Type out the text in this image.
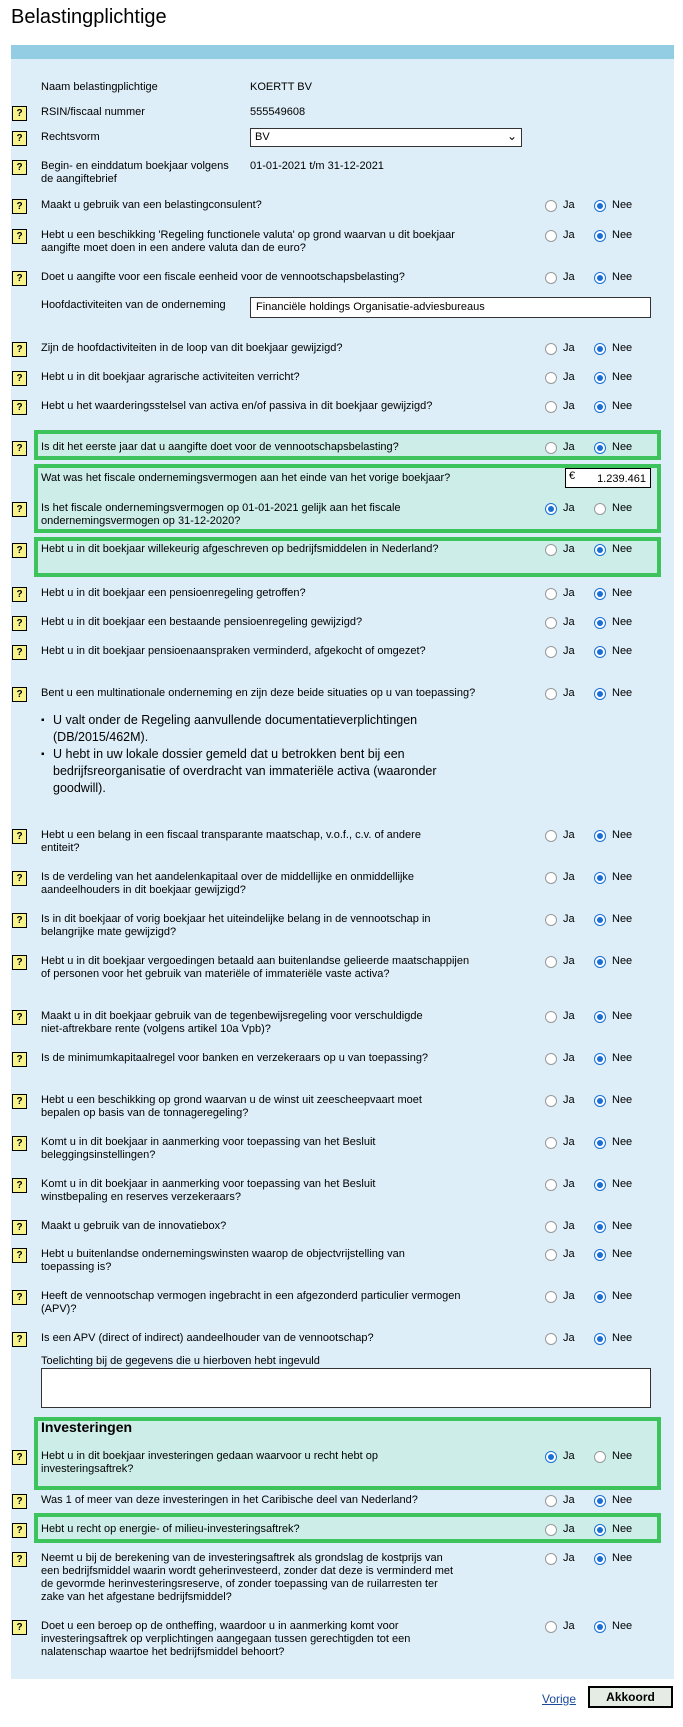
Belastingplichtige
Naam belastingplichtige	KOERTT BV
?	RSIN/fiscaal nummer	555549608
?	Rechtsvorm	BV	⌄
?	Begin- en einddatum boekjaar volgens de aangiftebrief
01-01-2021 t/m 31-12-2021
?	Maakt u gebruik van een belastingconsulent?	Ja	Nee
?	Hebt u een beschikking 'Regeling functionele valuta' op grond waarvan u dit boekjaar aangifte moet doen in een andere valuta dan de euro?
Ja	Nee
?	Doet u aangifte voor een fiscale eenheid voor de vennootschapsbelasting?	Ja	Nee
Hoofdactiviteiten van de onderneming	Financiële holdings Organisatie-adviesbureaus
?	Zijn de hoofdactiviteiten in de loop van dit boekjaar gewijzigd?	Ja	Nee
?	Hebt u in dit boekjaar agrarische activiteiten verricht?	Ja	Nee
?	Hebt u het waarderingsstelsel van activa en/of passiva in dit boekjaar gewijzigd?	Ja	Nee
?	Is dit het eerste jaar dat u aangifte doet voor de vennootschapsbelasting?	Ja	Nee
Wat was het fiscale ondernemingsvermogen aan het einde van het vorige boekjaar?	€ 1.239.461
?	Is het fiscale ondernemingsvermogen op 01-01-2021 gelijk aan het fiscale ondernemingsvermogen op 31-12-2020?
Ja	Nee
?	Hebt u in dit boekjaar willekeurig afgeschreven op bedrijfsmiddelen in Nederland?	Ja	Nee
?	Hebt u in dit boekjaar een pensioenregeling getroffen?	Ja	Nee
?	Hebt u in dit boekjaar een bestaande pensioenregeling gewijzigd?	Ja	Nee
?	Hebt u in dit boekjaar pensioenaanspraken verminderd, afgekocht of omgezet?	Ja	Nee
?	Bent u een multinationale onderneming en zijn deze beide situaties op u van toepassing?	Ja	Nee
▪ U valt onder de Regeling aanvullende documentatieverplichtingen (DB/2015/462M).
▪ U hebt in uw lokale dossier gemeld dat u betrokken bent bij een bedrijfsreorganisatie of overdracht van immateriële activa (waaronder goodwill).
?	Hebt u een belang in een fiscaal transparante maatschap, v.o.f., c.v. of andere entiteit?
Ja	Nee
?	Is de verdeling van het aandelenkapitaal over de middellijke en onmiddellijke aandeelhouders in dit boekjaar gewijzigd?
Ja	Nee
?	Is in dit boekjaar of vorig boekjaar het uiteindelijke belang in de vennootschap in belangrijke mate gewijzigd?
Ja	Nee
?	Hebt u in dit boekjaar vergoedingen betaald aan buitenlandse gelieerde maatschappijen of personen voor het gebruik van materiële of immateriële vaste activa?
Ja	Nee
?	Maakt u in dit boekjaar gebruik van de tegenbewijsregeling voor verschuldigde niet-aftrekbare rente (volgens artikel 10a Vpb)?
Ja	Nee
?	Is de minimumkapitaalregel voor banken en verzekeraars op u van toepassing?	Ja	Nee
?	Hebt u een beschikking op grond waarvan u de winst uit zeescheepvaart moet bepalen op basis van de tonnageregeling?
Ja	Nee
?	Komt u in dit boekjaar in aanmerking voor toepassing van het Besluit beleggingsinstellingen?
Ja	Nee
?	Komt u in dit boekjaar in aanmerking voor toepassing van het Besluit winstbepaling en reserves verzekeraars?
Ja	Nee
?	Maakt u gebruik van de innovatiebox?	Ja	Nee
?	Hebt u buitenlandse ondernemingswinsten waarop de objectvrijstelling van toepassing is?
Ja	Nee
?	Heeft de vennootschap vermogen ingebracht in een afgezonderd particulier vermogen (APV)?
Ja	Nee
?	Is een APV (direct of indirect) aandeelhouder van de vennootschap?	Ja	Nee
Toelichting bij de gegevens die u hierboven hebt ingevuld
Investeringen
?	Hebt u in dit boekjaar investeringen gedaan waarvoor u recht hebt op investeringsaftrek?
Ja	Nee
?	Was 1 of meer van deze investeringen in het Caribische deel van Nederland?	Ja	Nee
?	Hebt u recht op energie- of milieu-investeringsaftrek?	Ja	Nee
?	Neemt u bij de berekening van de investeringsaftrek als grondslag de kostprijs van een bedrijfsmiddel waarin wordt geherinvesteerd, zonder dat deze is verminderd met de gevormde herinvesteringsreserve, of zonder toepassing van de ruilarresten ter zake van het afgestane bedrijfsmiddel?
Ja	Nee
?	Doet u een beroep op de ontheffing, waardoor u in aanmerking komt voor investeringsaftrek op verplichtingen aangegaan tussen gerechtigden tot een nalatenschap waartoe het bedrijfsmiddel behoort?
Ja	Nee
Vorige	Akkoord
